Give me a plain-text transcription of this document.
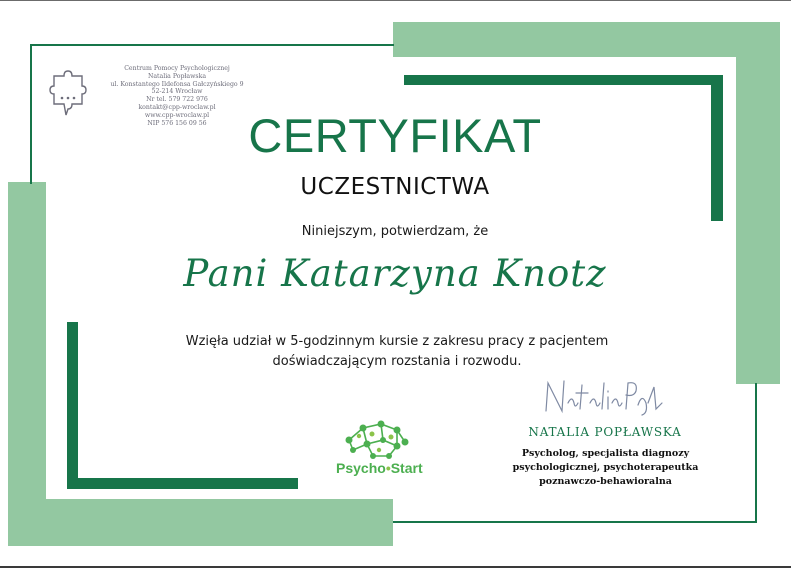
Centrum Pomocy Psychologicznej
Natalia Popławska
ul. Konstantego Ildefonsa Gałczyńskiego 9
52-214 Wrocław
Nr tel. 579 722 976
kontakt@cpp-wroclaw.pl
www.cpp-wroclaw.pl
NIP 576 156 09 56 CERTYFIKAT
UCZESTNICTWA
Niniejszym, potwierdzam, że
Pani Katarzyna Knotz
Wzięła udział w 5-godzinnym kursie z zakresu pracy z pacjentem
doświadczającym rozstania i rozwodu.
Psycho•Start
NATALIA POPŁAWSKA
Psycholog, specjalista diagnozy
psychologicznej, psychoterapeutka
poznawczo-behawioralna
